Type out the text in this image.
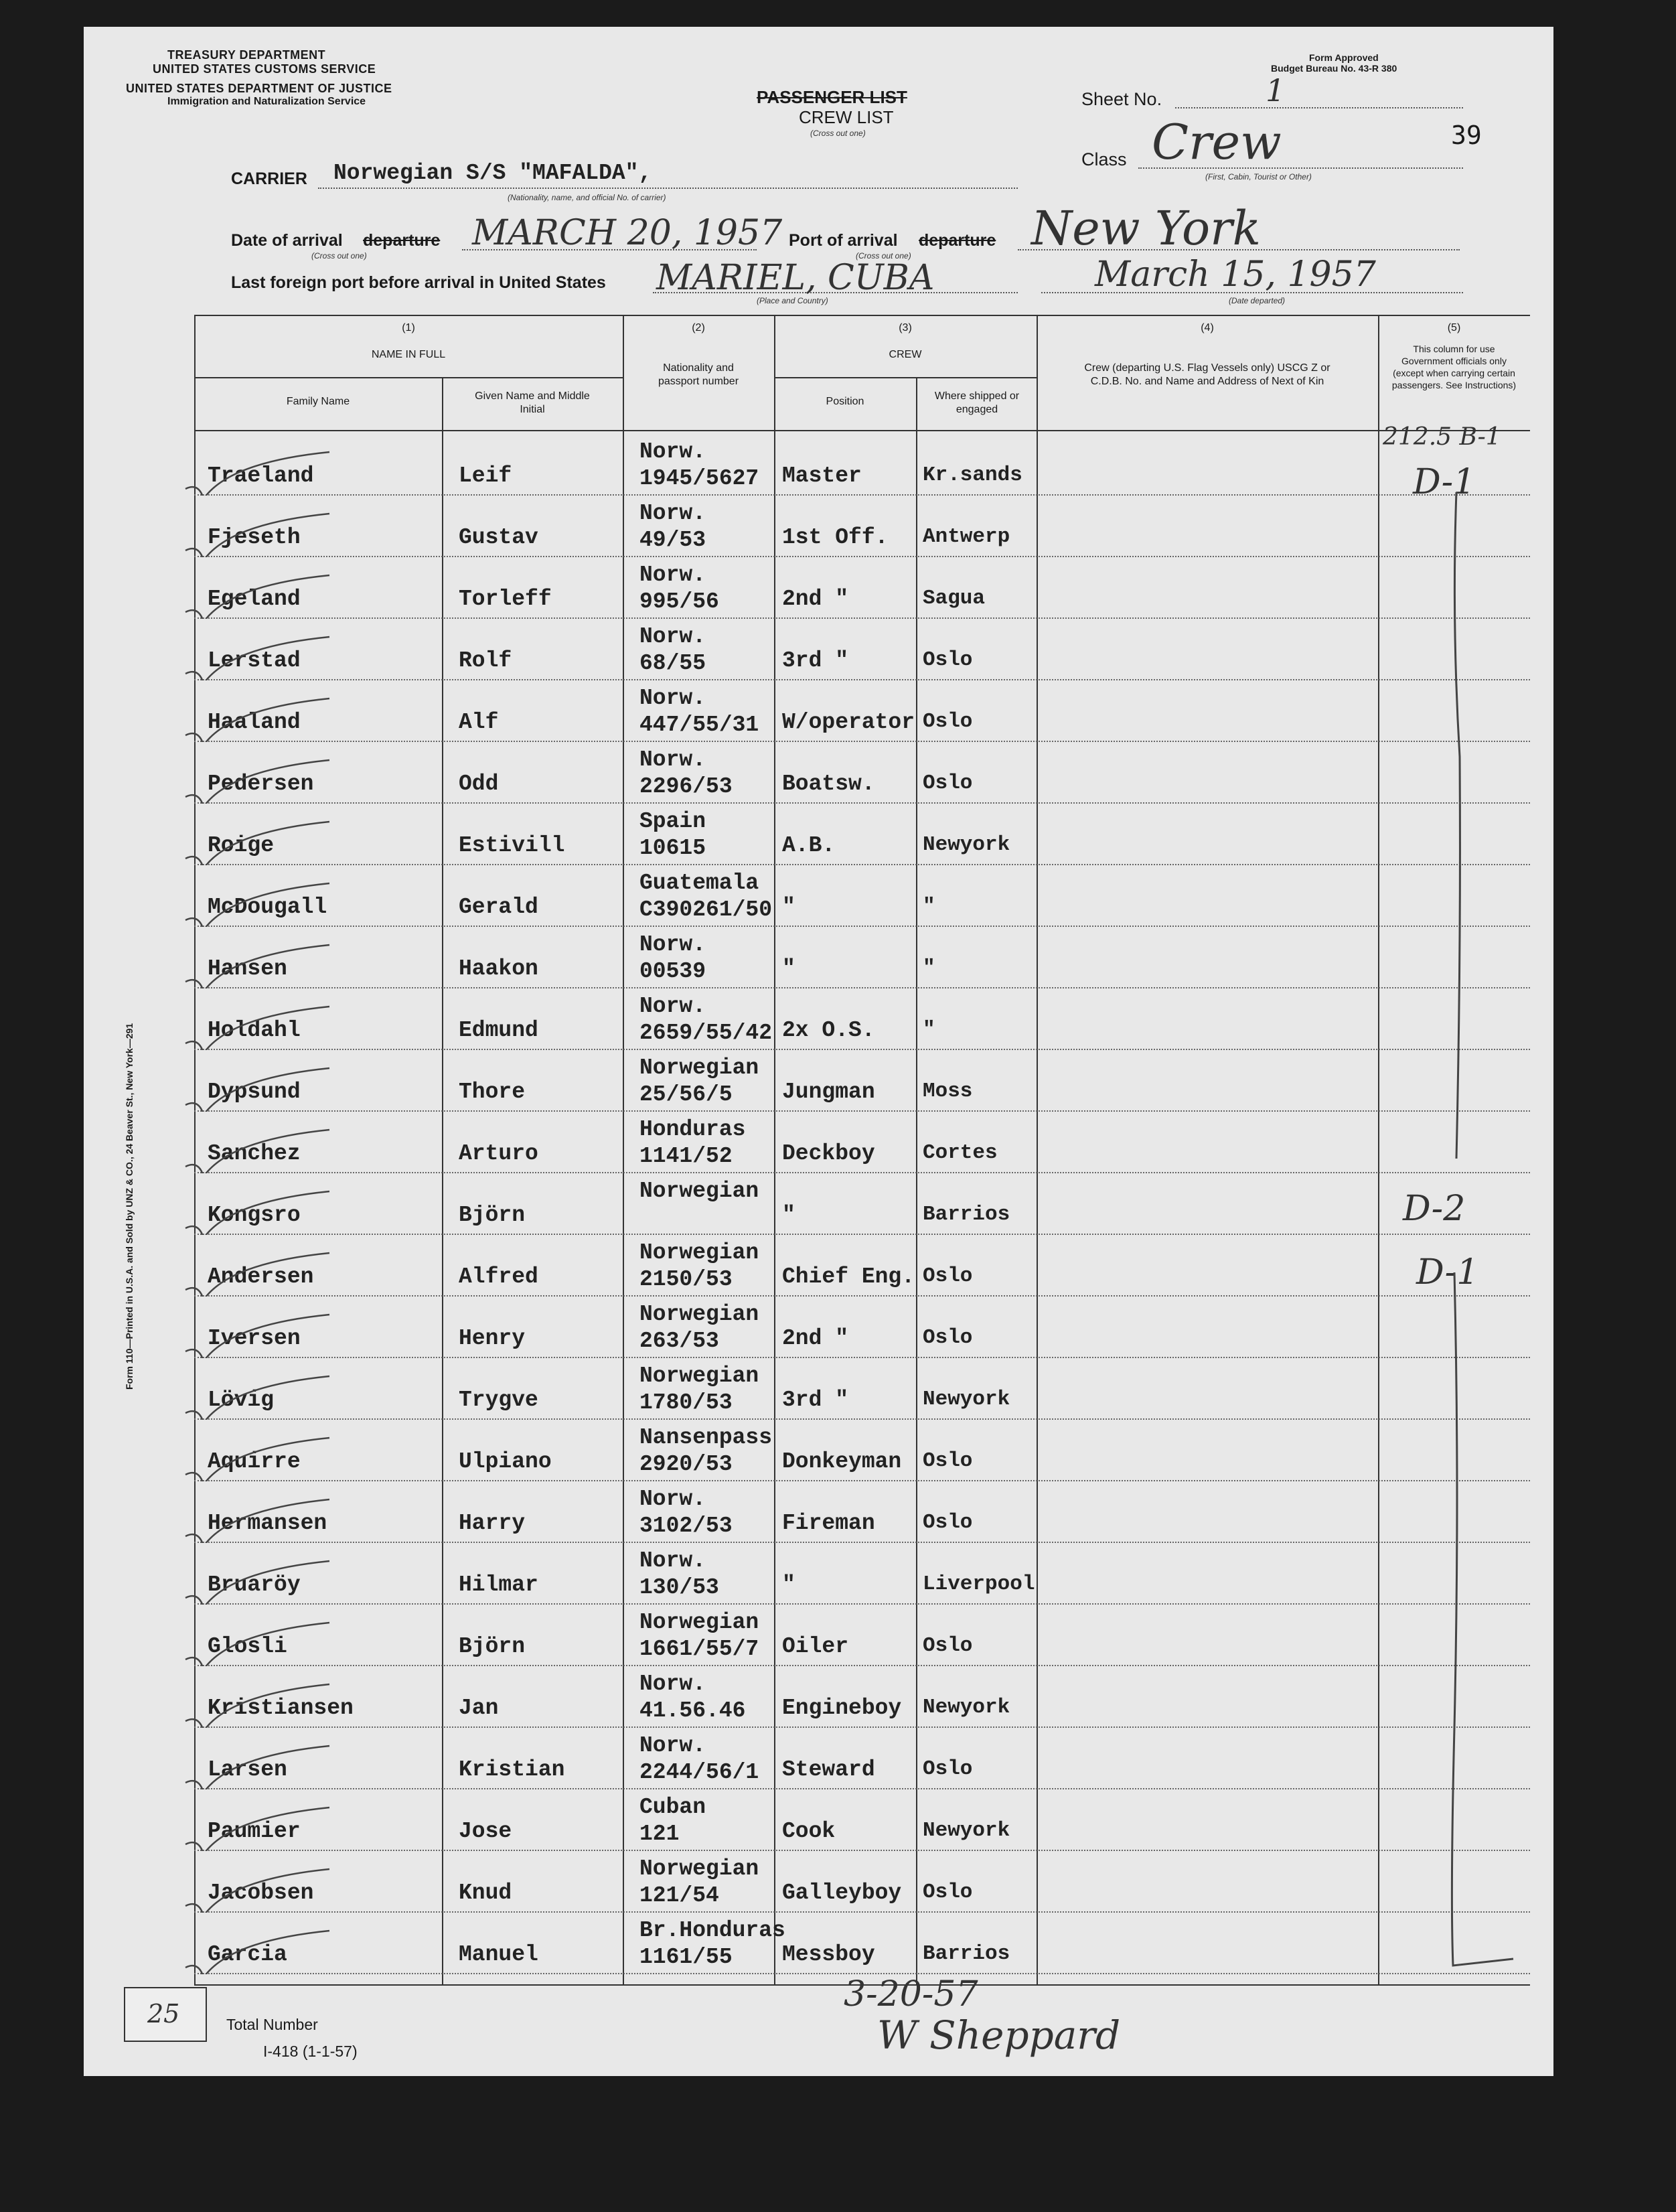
TREASURY DEPARTMENT
UNITED STATES CUSTOMS SERVICE
UNITED STATES DEPARTMENT OF JUSTICE
Immigration and Naturalization Service
Form Approved
Budget Bureau No. 43-R 380
PASSENGER LIST
CREW LIST
(Cross out one)
Sheet No.	1
39
Class Crew
(First, Cabin, Tourist or Other)
CARRIER Norwegian S/S "MAFALDA",
(Nationality, name, and official No. of carrier)
Date of arrival departure
(Cross out one)
MARCH 20, 1957 Port of arrival departure
(Cross out one)	New York
Last foreign port before arrival in United States MARIEL, CUBA
(Place and Country)
March 15, 1957
(Date departed)
Form 110—Printed in U.S.A. and Sold by UNZ & CO., 24 Beaver St., New York—291
(1)
NAME IN FULL
Family Name	Given Name and Middle Initial
(2)
Nationality and passport number
(3)
CREW
Position	Where shipped or engaged
(4)
Crew (departing U.S. Flag Vessels only) USCG Z or C.D.B. No. and Name and Address of Next of Kin
(5)
This column for use Government officials only (except when carrying certain passengers. See Instructions)
Traeland	Leif
Norw.
1945/5627 Master	Kr.sands
Fjeseth	Gustav
Norw.
49/53	1st Off. Antwerp
Egeland	Torleff
Norw.
995/56	2nd "	Sagua
Lerstad	Rolf
Norw.
68/55	3rd "	Oslo
Haaland	Alf
Norw.
447/55/31 W/operator Oslo
Pedersen	Odd
Norw.
2296/53 Boatsw. Oslo
Roige	Estivill
Spain
10615	A.B.	Newyork
McDougall	Gerald
Guatemala
C390261/50 "	"
Hansen	Haakon
Norw.
00539	"	"
Holdahl	Edmund
Norw.
2659/55/42 2x O.S. "
Dypsund	Thore
Norwegian
25/56/5 Jungman Moss
Sanchez	Arturo
Honduras
1141/52 Deckboy Cortes
Kongsro	Björn
Norwegian
"	Barrios
Andersen	Alfred
Norwegian
2150/53 Chief Eng. Oslo
Iversen	Henry
Norwegian
263/53	2nd "	Oslo
Lövig	Trygve
Norwegian
1780/53 3rd "	Newyork
Aquirre	Ulpiano
Nansenpass
2920/53 Donkeyman Oslo
Hermansen	Harry
Norw.
3102/53 Fireman Oslo
Bruaröy	Hilmar
Norw.
130/53	"	Liverpool
Glosli	Björn
Norwegian
1661/55/7 Oiler	Oslo
Kristiansen	Jan
Norw.
41.56.46 Engineboy Newyork
Larsen	Kristian
Norw.
2244/56/1 Steward Oslo
Paumier	Jose
Cuban
121	Cook	Newyork
Jacobsen	Knud
Norwegian
121/54	Galleyboy Oslo
Garcia	Manuel
Br.Honduras
1161/55 Messboy Barrios
212.5 B-1
D-1
D-2
D-1
25	Total Number
I-418 (1-1-57)
3-20-57
W Sheppard
